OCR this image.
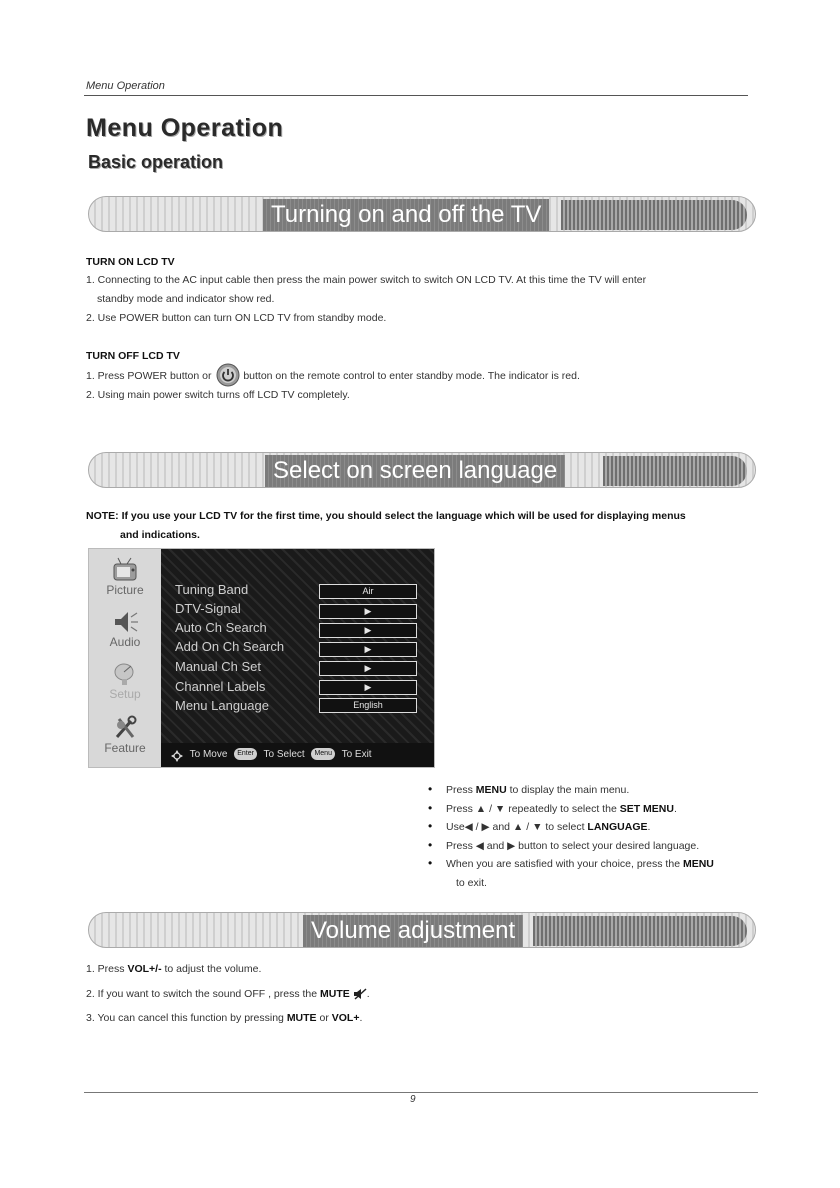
Menu Operation
Menu Operation
Basic operation
Turning on and off the TV
TURN ON LCD TV
1. Connecting to the AC input cable then press the main power switch to switch ON LCD TV. At this time the TV will enter
standby mode and indicator show red.
2. Use POWER button can turn ON LCD TV from standby mode.
TURN OFF LCD TV
1. Press POWER button or	button on the remote control to enter standby mode. The indicator is red.
2. Using main power switch turns off LCD TV completely.
Select on screen language
NOTE: If you use your LCD TV for the first time, you should select the language which will be used for displaying menus
and indications.
Picture
Audio
Setup
Feature
Tuning Band	Air
DTV-Signal	▶
Auto Ch Search	▶
Add On Ch Search	▶
Manual Ch Set	▶
Channel Labels	▶
Menu Language	English
To Move Enter To Select Menu To Exit
• Press MENU to display the main menu.
• Press ▲ / ▼ repeatedly to select the SET MENU.
• Use◀ / ▶ and ▲ / ▼ to select LANGUAGE.
• Press ◀ and ▶ button to select your desired language.
• When you are satisfied with your choice, press the MENU
to exit.
Volume adjustment
1. Press VOL+/- to adjust the volume.
2. If you want to switch the sound OFF , press the MUTE .
3. You can cancel this function by pressing MUTE or VOL+.
9
